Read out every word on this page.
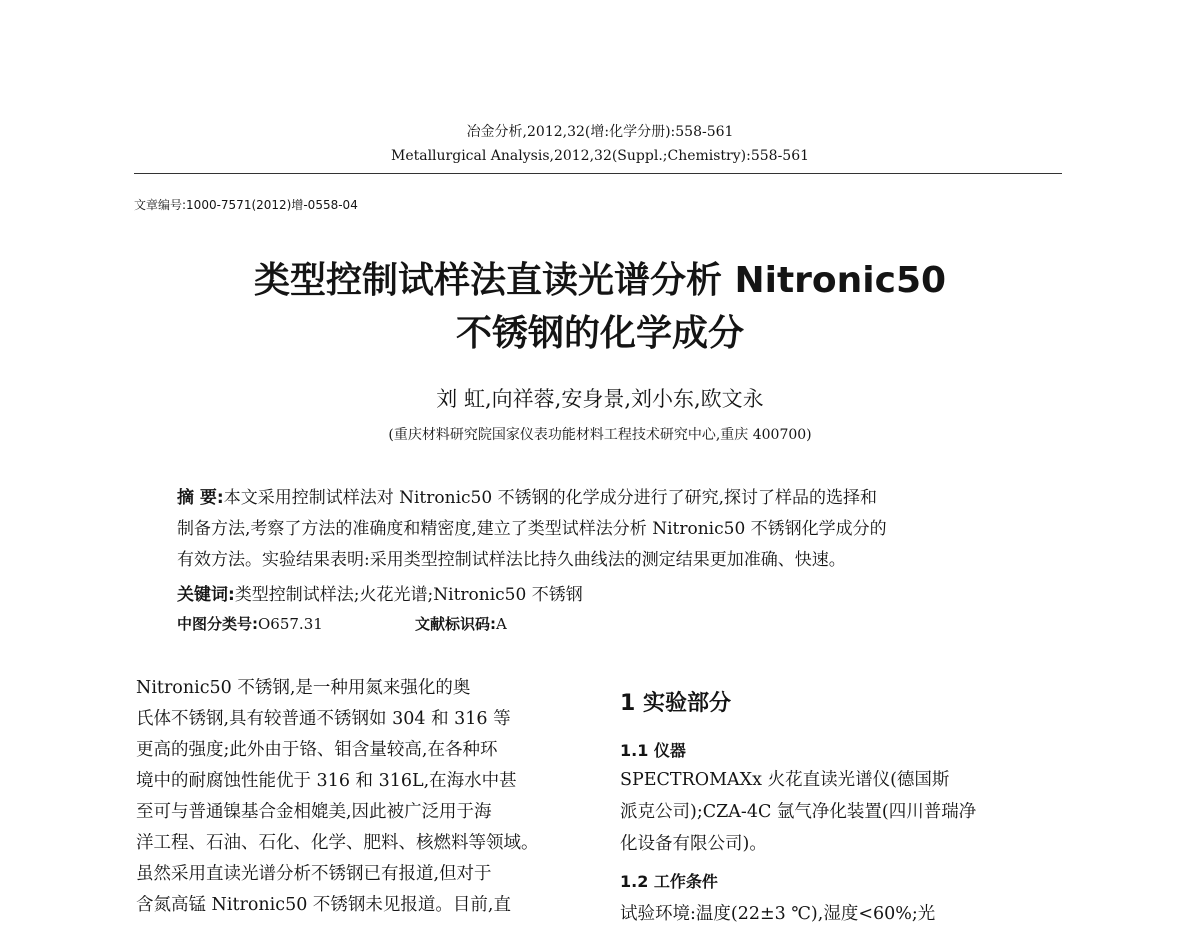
冶金分析,2012,32(增:化学分册):558-561
Metallurgical Analysis,2012,32(Suppl.;Chemistry):558-561
文章编号:1000-7571(2012)增-0558-04
类型控制试样法直读光谱分析 Nitronic50
不锈钢的化学成分
刘 虹,向祥蓉,安身景,刘小东,欧文永
(重庆材料研究院国家仪表功能材料工程技术研究中心,重庆 400700)
摘 要:本文采用控制试样法对 Nitronic50 不锈钢的化学成分进行了研究,探讨了样品的选择和
制备方法,考察了方法的准确度和精密度,建立了类型试样法分析 Nitronic50 不锈钢化学成分的
有效方法。实验结果表明:采用类型控制试样法比持久曲线法的测定结果更加准确、快速。
关键词:类型控制试样法;火花光谱;Nitronic50 不锈钢
中图分类号:O657.31	文献标识码:A
Nitronic50 不锈钢,是一种用氮来强化的奥
氏体不锈钢,具有较普通不锈钢如 304 和 316 等
更高的强度;此外由于铬、钼含量较高,在各种环
境中的耐腐蚀性能优于 316 和 316L,在海水中甚
至可与普通镍基合金相媲美,因此被广泛用于海
洋工程、石油、石化、化学、肥料、核燃料等领域。
虽然采用直读光谱分析不锈钢已有报道,但对于
含氮高锰 Nitronic50 不锈钢未见报道。目前,直
1 实验部分
1.1 仪器
SPECTROMAXx 火花直读光谱仪(德国斯
派克公司);CZA-4C 氩气净化装置(四川普瑞净
化设备有限公司)。
1.2 工作条件
试验环境:温度(22±3 ℃),湿度<60%;光
